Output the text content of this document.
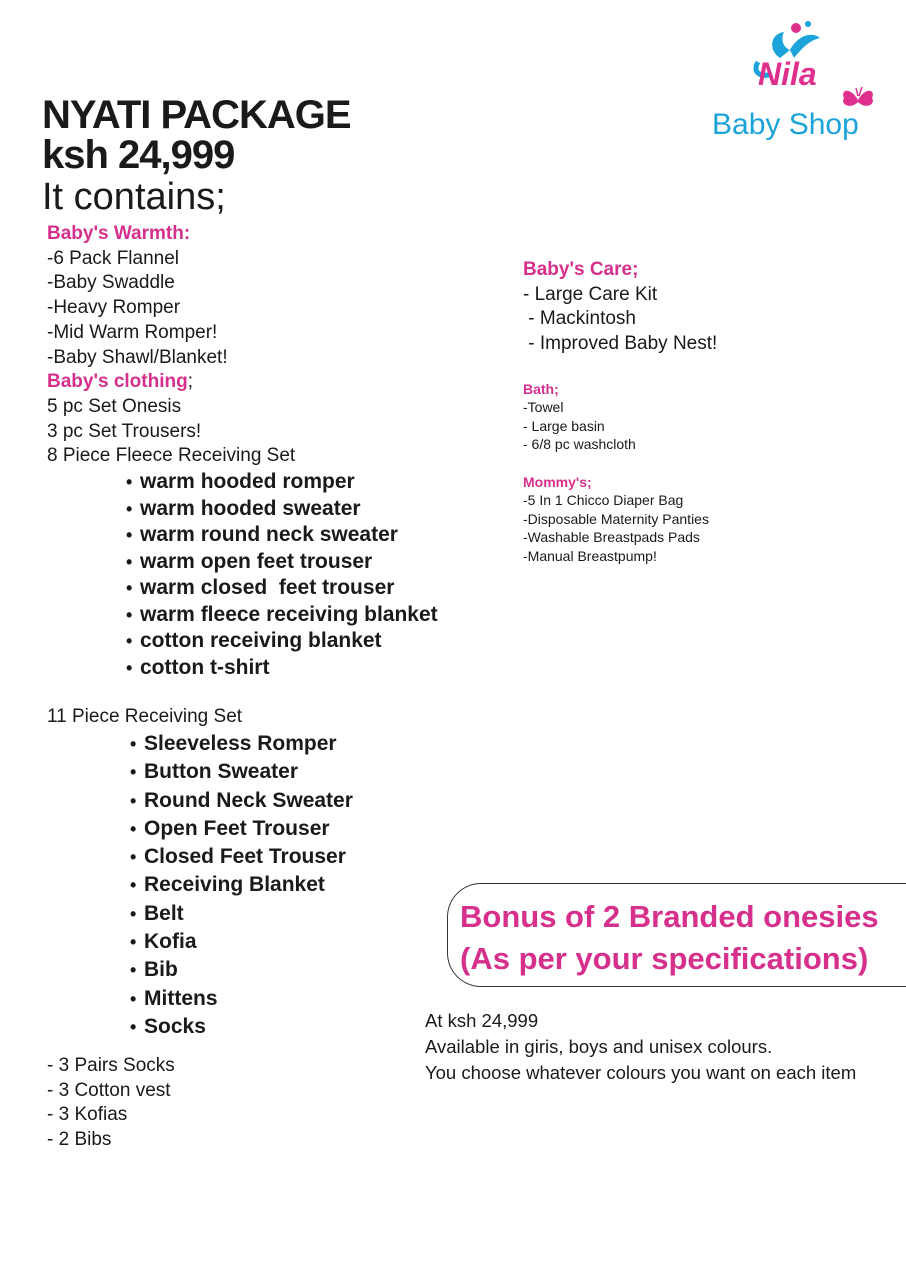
Nila
Baby Shop
NYATI PACKAGE
ksh 24,999
It contains;
Baby's Warmth:
-6 Pack Flannel
-Baby Swaddle
-Heavy Romper
-Mid Warm Romper!
-Baby Shawl/Blanket!
Baby's clothing;
5 pc Set Onesis
3 pc Set Trousers!
8 Piece Fleece Receiving Set
• warm hooded romper
• warm hooded sweater
• warm round neck sweater
• warm open feet trouser
• warm closed  feet trouser
• warm fleece receiving blanket
• cotton receiving blanket
• cotton t-shirt
11 Piece Receiving Set
• Sleeveless Romper
• Button Sweater
• Round Neck Sweater
• Open Feet Trouser
• Closed Feet Trouser
• Receiving Blanket
• Belt
• Kofia
• Bib
• Mittens
• Socks
- 3 Pairs Socks
- 3 Cotton vest
- 3 Kofias
- 2 Bibs
Baby's Care;
- Large Care Kit
- Mackintosh
- Improved Baby Nest!
Bath;
-Towel
- Large basin
- 6/8 pc washcloth
Mommy's;
-5 In 1 Chicco Diaper Bag
-Disposable Maternity Panties
-Washable Breastpads Pads
-Manual Breastpump!
Bonus of 2 Branded onesies
(As per your specifications)
At ksh 24,999
Available in giris, boys and unisex colours.
You choose whatever colours you want on each item
